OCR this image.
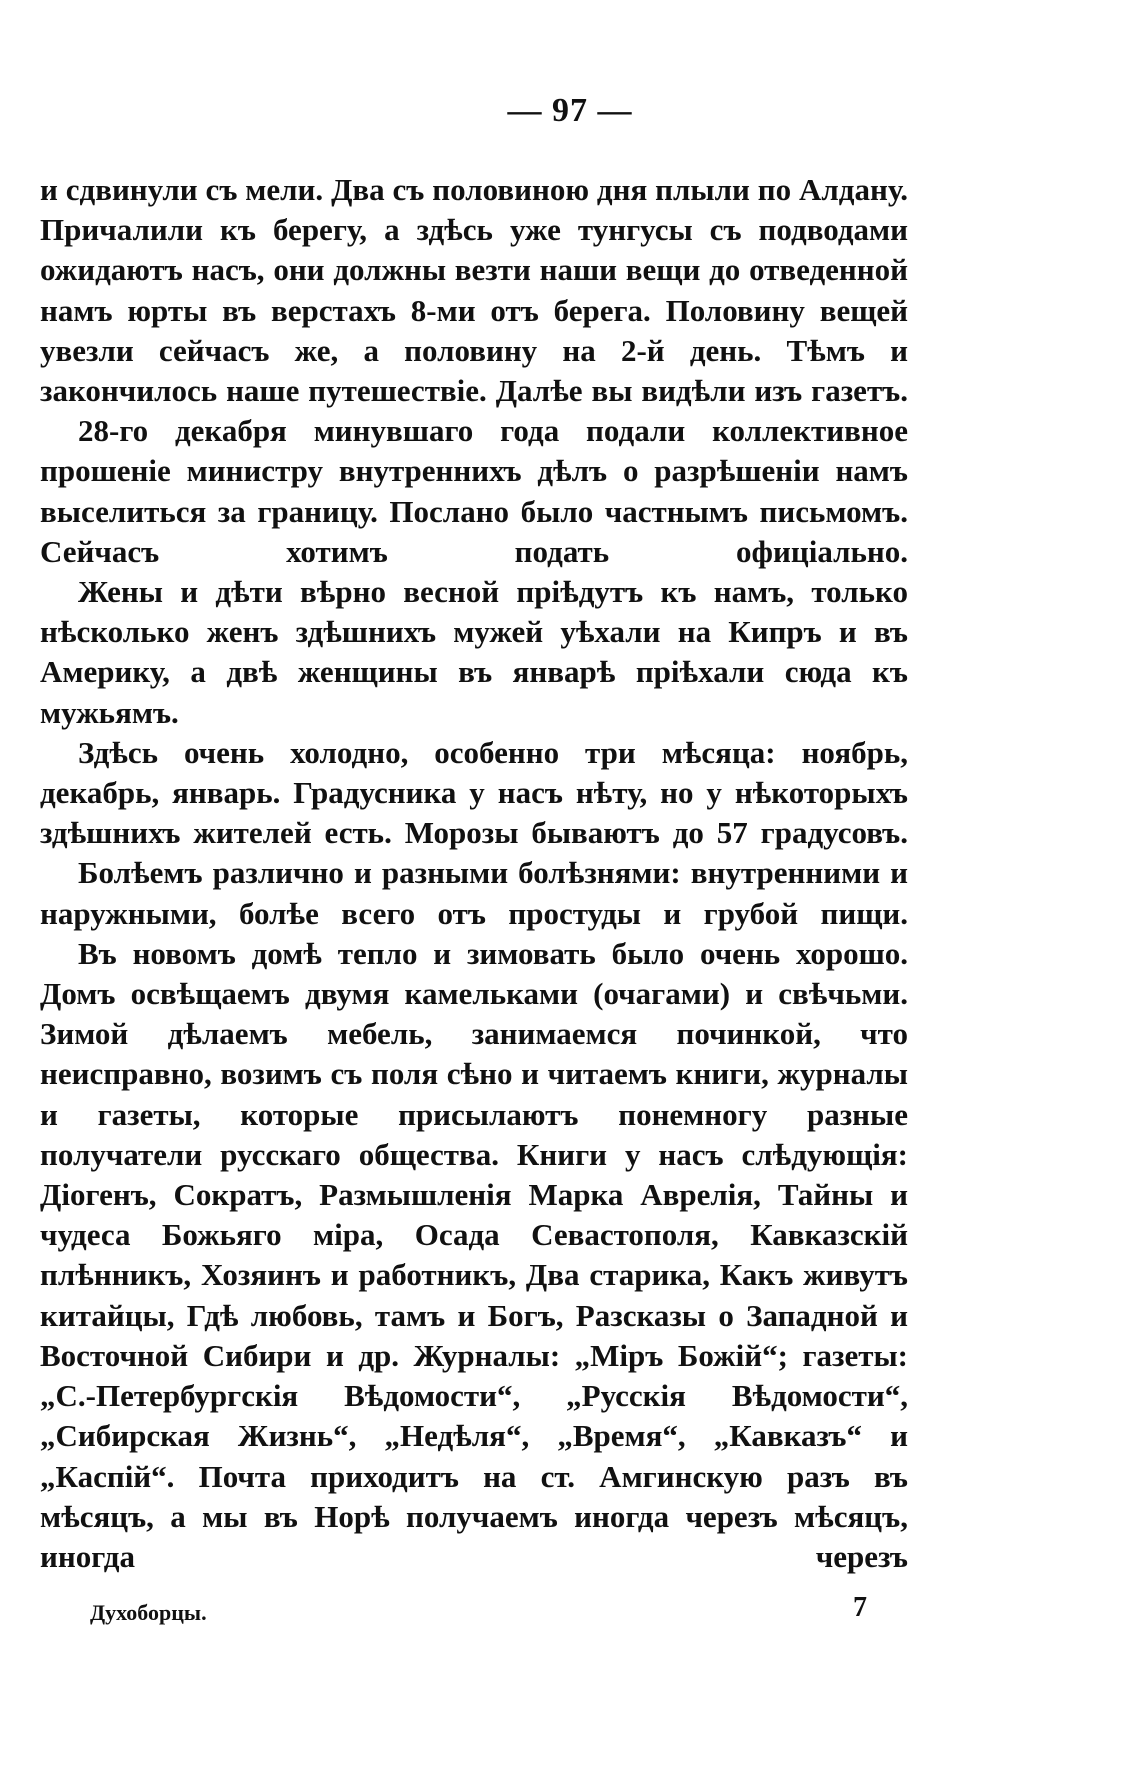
— 97 —

и сдвинули съ мели. Два съ половиною дня плыли по Алдану. Причалили къ берегу, а здѣсь уже тунгусы съ подводами ожидаютъ насъ, они должны везти наши вещи до отведенной намъ юрты въ верстахъ 8-ми отъ берега. Половину вещей увезли сейчасъ же, а половину на 2-й день. Тѣмъ и закончилось наше путешествіе. Далѣе вы видѣли изъ газетъ.

28-го декабря минувшаго года подали коллективное прошеніе министру внутреннихъ дѣлъ о разрѣшеніи намъ выселиться за границу. Послано было частнымъ письмомъ. Сейчасъ хотимъ подать офиціально.

Жены и дѣти вѣрно весной пріѣдутъ къ намъ, только нѣсколько женъ здѣшнихъ мужей уѣхали на Кипръ и въ Америку, а двѣ женщины въ январѣ пріѣхали сюда къ мужьямъ.

Здѣсь очень холодно, особенно три мѣсяца: ноябрь, декабрь, январь. Градусника у насъ нѣту, но у нѣкоторыхъ здѣшнихъ жителей есть. Морозы бываютъ до 57 градусовъ.

Болѣемъ различно и разными болѣзнями: внутренними и наружными, болѣе всего отъ простуды и грубой пищи.

Въ новомъ домѣ тепло и зимовать было очень хорошо. Домъ освѣщаемъ двумя камельками (очагами) и свѣчьми. Зимой дѣлаемъ мебель, занимаемся починкой, что неисправно, возимъ съ поля сѣно и читаемъ книги, журналы и газеты, которые присылаютъ понемногу разные получатели русскаго общества. Книги у насъ слѣдующія: Діогенъ, Сократъ, Размышленія Марка Аврелія, Тайны и чудеса Божьяго міра, Осада Севастополя, Кавказскій плѣнникъ, Хозяинъ и работникъ, Два старика, Какъ живутъ китайцы, Гдѣ любовь, тамъ и Богъ, Разсказы о Западной и Восточной Сибири и др. Журналы: „Міръ Божій“; газеты: „С.-Петербургскія Вѣдомости“, „Русскія Вѣдомости“, „Сибирская Жизнь“, „Недѣля“, „Время“, „Кавказъ“ и „Каспій“. Почта приходитъ на ст. Амгинскую разъ въ мѣсяцъ, а мы въ Норѣ получаемъ иногда черезъ мѣсяцъ, иногда черезъ

Духоборцы.	7
